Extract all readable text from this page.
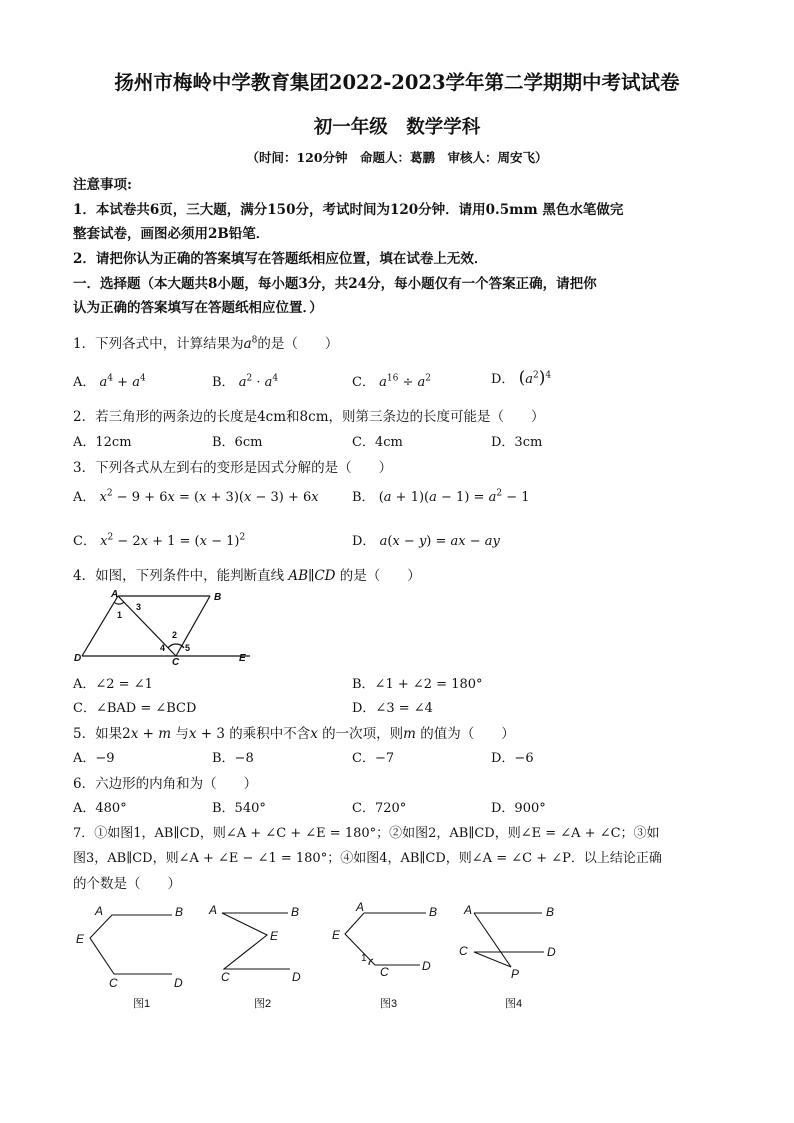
扬州市梅岭中学教育集团2022-2023学年第二学期期中考试试卷
初一年级　数学学科
（时间：120分钟　命题人：葛鹏　审核人：周安飞）
注意事项:
1．本试卷共6页，三大题，满分150分，考试时间为120分钟．请用0.5mm 黑色水笔做完
整套试卷，画图必须用2B铅笔．
2．请把你认为正确的答案填写在答题纸相应位置，填在试卷上无效．
一．选择题（本大题共8小题，每小题3分，共24分，每小题仅有一个答案正确，请把你
认为正确的答案填写在答题纸相应位置．）
1．下列各式中，计算结果为$a^8$的是（　　）
A． $a^4 + a^4$	B． $a^2 \cdot a^4$	C． $a^{16} \div a^2$	D． $(a^2)^4$
2．若三角形的两条边的长度是4cm和8cm，则第三条边的长度可能是（　　）
A．12cm	B．6cm	C．4cm	D．3cm
3．下列各式从左到右的变形是因式分解的是（　　）
A． $x^2 - 9 + 6x = (x + 3)(x - 3) + 6x$	B． $(a + 1)(a - 1) = a^2 - 1$
C． $x^2 - 2x + 1 = (x - 1)^2$	D． a(x − y) = ax − ay
4．如图，下列条件中，能判断直线 AB∥CD 的是（　　）
A	B
C
D	E
1
2
3
4 5
A．∠2 = ∠1	B．∠1 + ∠2 = 180°
C．∠BAD = ∠BCD	D．∠3 = ∠4
5．如果2x + m 与x + 3 的乘积中不含x 的一次项，则m 的值为（　　）
A．−9	B．−8	C．−7	D．−6
6．六边形的内角和为（　　）
A．480°	B．540°	C．720°	D．900°
7．①如图1，AB∥CD，则∠A + ∠C + ∠E = 180°；②如图2，AB∥CD，则∠E = ∠A + ∠C；③如
图3，AB∥CD，则∠A + ∠E − ∠1 = 180°；④如图4，AB∥CD，则∠A = ∠C + ∠P．以上结论正确
的个数是（　　）
A	B
E
C	D
A	B
E
C	D
A	B
E
C	D
A	B
C	D
P
1
图1	图2	图3	图4
